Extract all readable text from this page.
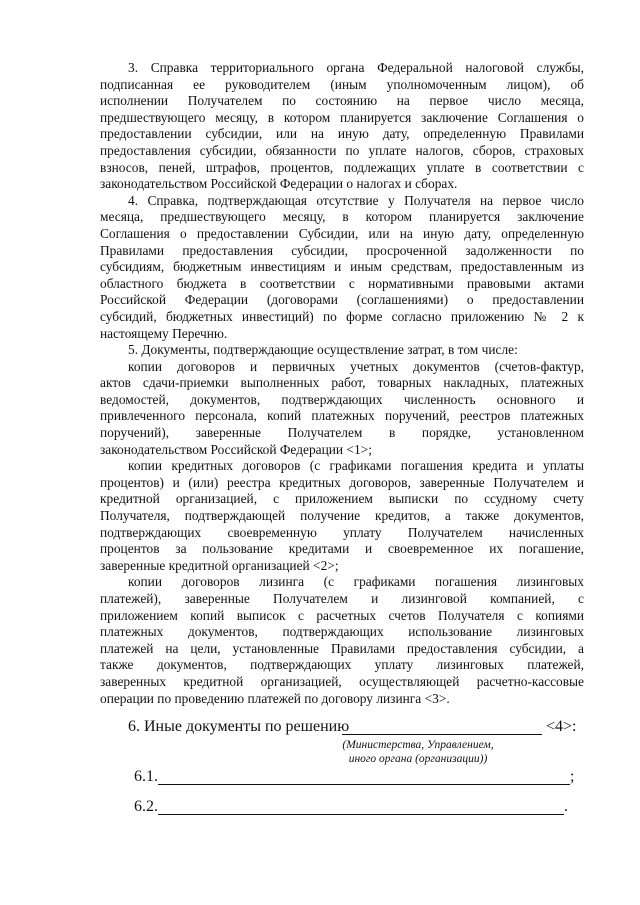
3. Справка территориального органа Федеральной налоговой службы,
подписанная ее руководителем (иным уполномоченным лицом), об
исполнении Получателем по состоянию на первое число месяца,
предшествующего месяцу, в котором планируется заключение Соглашения о
предоставлении субсидии, или на иную дату, определенную Правилами
предоставления субсидии, обязанности по уплате налогов, сборов, страховых
взносов, пеней, штрафов, процентов, подлежащих уплате в соответствии с
законодательством Российской Федерации о налогах и сборах.
4. Справка, подтверждающая отсутствие у Получателя на первое число
месяца, предшествующего месяцу, в котором планируется заключение
Соглашения о предоставлении Субсидии, или на иную дату, определенную
Правилами предоставления субсидии, просроченной задолженности по
субсидиям, бюджетным инвестициям и иным средствам, предоставленным из
областного бюджета в соответствии с нормативными правовыми актами
Российской Федерации (договорами (соглашениями) о предоставлении
субсидий, бюджетных инвестиций) по форме согласно приложению № 2 к
настоящему Перечню.
5. Документы, подтверждающие осуществление затрат, в том числе:
копии договоров и первичных учетных документов (счетов-фактур,
актов сдачи-приемки выполненных работ, товарных накладных, платежных
ведомостей, документов, подтверждающих численность основного и
привлеченного персонала, копий платежных поручений, реестров платежных
поручений), заверенные Получателем в порядке, установленном
законодательством Российской Федерации <1>;
копии кредитных договоров (с графиками погашения кредита и уплаты
процентов) и (или) реестра кредитных договоров, заверенные Получателем и
кредитной организацией, с приложением выписки по ссудному счету
Получателя, подтверждающей получение кредитов, а также документов,
подтверждающих своевременную уплату Получателем начисленных
процентов за пользование кредитами и своевременное их погашение,
заверенные кредитной организацией <2>;
копии договоров лизинга (с графиками погашения лизинговых
платежей), заверенные Получателем и лизинговой компанией, с
приложением копий выписок с расчетных счетов Получателя с копиями
платежных документов, подтверждающих использование лизинговых
платежей на цели, установленные Правилами предоставления субсидии, а
также документов, подтверждающих уплату лизинговых платежей,
заверенных кредитной организацией, осуществляющей расчетно-кассовые
операции по проведению платежей по договору лизинга <3>.
6. Иные документы по решению	<4>:
(Министерства, Управлением,
иного органа (организации))
6.1.	;
6.2.	.
